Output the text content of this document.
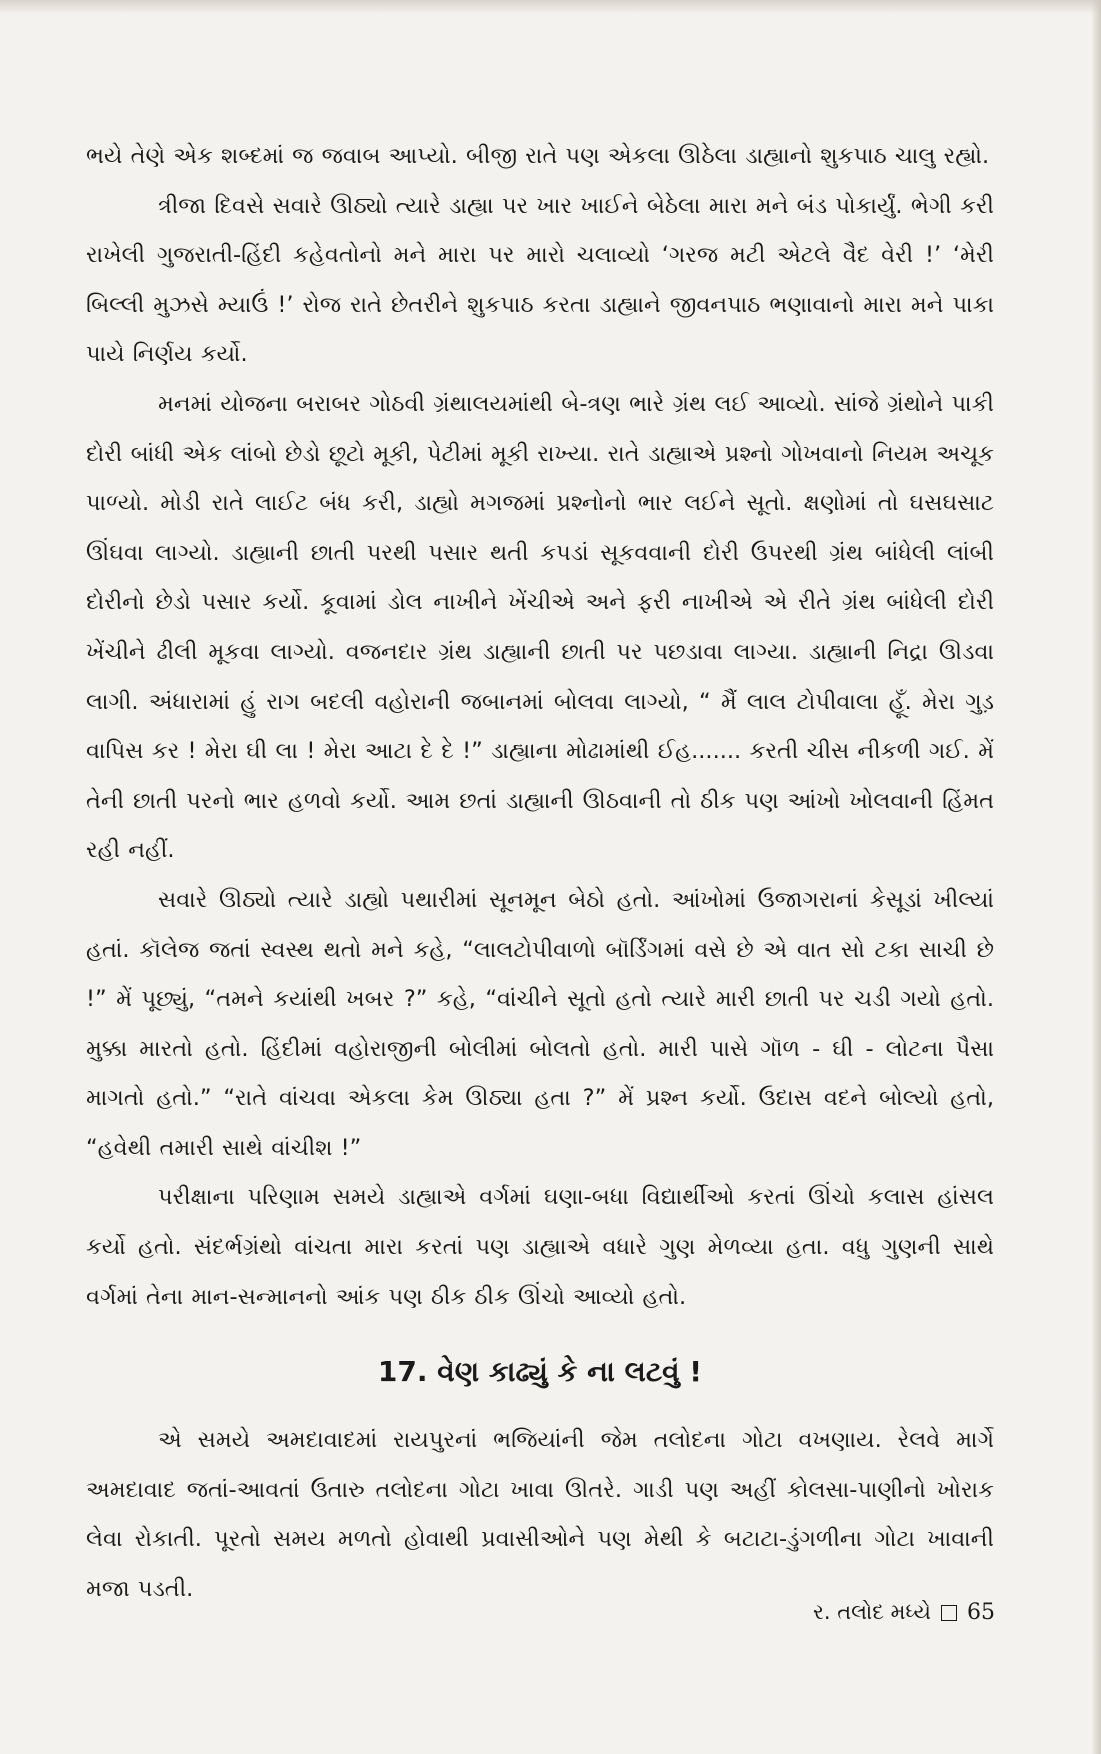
ભયે તેણે એક શબ્દમાં જ જવાબ આપ્યો. બીજી રાતે પણ એકલા ઊઠેલા ડાહ્યાનો શુકપાઠ ચાલુ રહ્યો.

ત્રીજા દિવસે સવારે ઊઠ્યો ત્યારે ડાહ્યા પર ખાર ખાઈને બેઠેલા મારા મને બંડ પોકાર્યું. ભેગી કરી રાખેલી ગુજરાતી-હિંદી કહેવતોનો મને મારા પર મારો ચલાવ્યો ‘ગરજ મટી એટલે વૈદ વેરી !’ ‘મેરી બિલ્લી મુઝસે મ્યાઉં !’ રોજ રાતે છેતરીને શુકપાઠ કરતા ડાહ્યાને જીવનપાઠ ભણાવાનો મારા મને પાકા પાયે નિર્ણય કર્યો.

મનમાં યોજના બરાબર ગોઠવી ગ્રંથાલયમાંથી બે-ત્રણ ભારે ગ્રંથ લઈ આવ્યો. સાંજે ગ્રંથોને પાકી દોરી બાંધી એક લાંબો છેડો છૂટો મૂકી, પેટીમાં મૂકી રાખ્યા. રાતે ડાહ્યાએ પ્રશ્નો ગોખવાનો નિયમ અચૂક પાળ્યો. મોડી રાતે લાઈટ બંધ કરી, ડાહ્યો મગજમાં પ્રશ્નોનો ભાર લઈને સૂતો. ક્ષણોમાં તો ઘસઘસાટ ઊંઘવા લાગ્યો. ડાહ્યાની છાતી પરથી પસાર થતી કપડાં સૂકવવાની દોરી ઉપરથી ગ્રંથ બાંધેલી લાંબી દોરીનો છેડો પસાર કર્યો. કૂવામાં ડોલ નાખીને ખેંચીએ અને ફરી નાખીએ એ રીતે ગ્રંથ બાંધેલી દોરી ખેંચીને ઢીલી મૂકવા લાગ્યો. વજનદાર ગ્રંથ ડાહ્યાની છાતી પર પછડાવા લાગ્યા. ડાહ્યાની નિદ્રા ઊડવા લાગી. અંધારામાં હું રાગ બદલી વહોરાની જબાનમાં બોલવા લાગ્યો, “ મૈં લાલ ટોપીવાલા હૂઁ. મેરા ગુડ઼ વાપિસ કર ! મેરા ઘી લા ! મેરા આટા દે દે !” ડાહ્યાના મોઢામાંથી ઈહ....... કરતી ચીસ નીકળી ગઈ. મેં તેની છાતી પરનો ભાર હળવો કર્યો. આમ છતાં ડાહ્યાની ઊઠવાની તો ઠીક પણ આંખો ખોલવાની હિંમત રહી નહીં.

સવારે ઊઠ્યો ત્યારે ડાહ્યો પથારીમાં સૂનમૂન બેઠો હતો. આંખોમાં ઉજાગરાનાં કેસૂડાં ખીલ્યાં હતાં. કૉલેજ જતાં સ્વસ્થ થતો મને કહે, “લાલટોપીવાળો બૉર્ડિંગમાં વસે છે એ વાત સો ટકા સાચી છે !” મેં પૂછ્યું, “તમને કયાંથી ખબર ?” કહે, “વાંચીને સૂતો હતો ત્યારે મારી છાતી પર ચડી ગયો હતો. મુક્કા મારતો હતો. હિંદીમાં વહોરાજીની બોલીમાં બોલતો હતો. મારી પાસે ગૉળ - ઘી - લોટના પૈસા માગતો હતો.” “રાતે વાંચવા એકલા કેમ ઊઠ્યા હતા ?” મેં પ્રશ્ન કર્યો. ઉદાસ વદને બોલ્યો હતો, “હવેથી તમારી સાથે વાંચીશ !”

પરીક્ષાના પરિણામ સમયે ડાહ્યાએ વર્ગમાં ઘણા-બધા વિદ્યાર્થીઓ કરતાં ઊંચો કલાસ હાંસલ કર્યો હતો. સંદર્ભગ્રંથો વાંચતા મારા કરતાં પણ ડાહ્યાએ વધારે ગુણ મેળવ્યા હતા. વધુ ગુણની સાથે વર્ગમાં તેના માન-સન્માનનો આંક પણ ઠીક ઠીક ઊંચો આવ્યો હતો.

17. વેણ કાઢ્યું કે ના લટવું !

એ સમયે અમદાવાદમાં રાયપુરનાં ભજિયાંની જેમ તલોદના ગોટા વખણાય. રેલવે માર્ગે અમદાવાદ જતાં-આવતાં ઉતારુ તલોદના ગોટા ખાવા ઊતરે. ગાડી પણ અહીં કોલસા-પાણીનો ખોરાક લેવા રોકાતી. પૂરતો સમય મળતો હોવાથી પ્રવાસીઓને પણ મેથી કે બટાટા-ડુંગળીના ગોટા ખાવાની મજા પડતી.

ર. તલોદ મધ્યે 65
